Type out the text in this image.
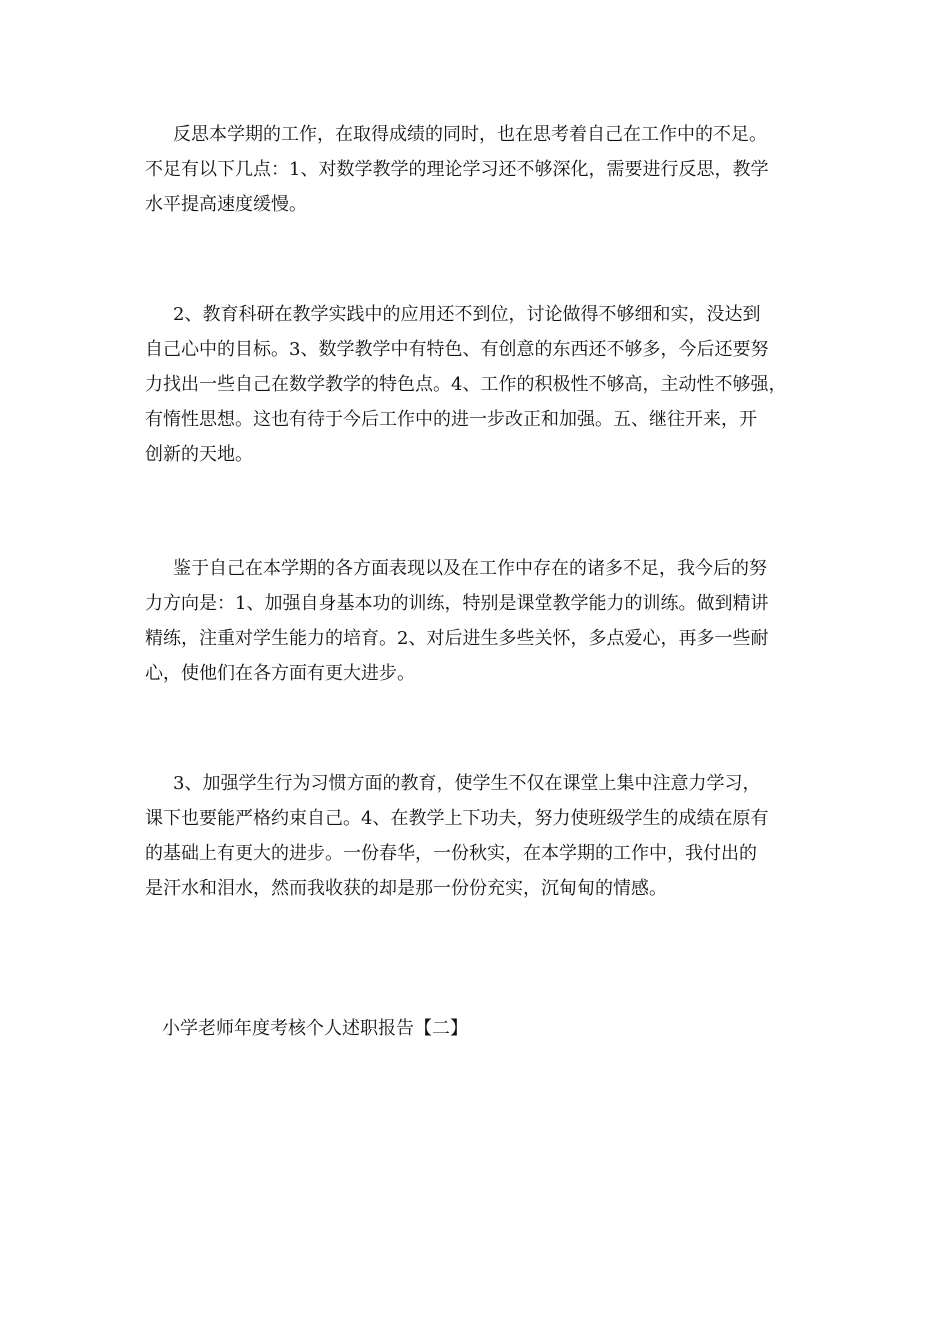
反思本学期的工作，在取得成绩的同时，也在思考着自己在工作中的不足。
不足有以下几点：1、对数学教学的理论学习还不够深化，需要进行反思，教学
水平提高速度缓慢。
2、教育科研在教学实践中的应用还不到位，讨论做得不够细和实，没达到
自己心中的目标。3、数学教学中有特色、有创意的东西还不够多，今后还要努
力找出一些自己在数学教学的特色点。4、工作的积极性不够高，主动性不够强，
有惰性思想。这也有待于今后工作中的进一步改正和加强。五、继往开来，开
创新的天地。
鉴于自己在本学期的各方面表现以及在工作中存在的诸多不足，我今后的努
力方向是：1、加强自身基本功的训练，特别是课堂教学能力的训练。做到精讲
精练，注重对学生能力的培育。2、对后进生多些关怀，多点爱心，再多一些耐
心，使他们在各方面有更大进步。
3、加强学生行为习惯方面的教育，使学生不仅在课堂上集中注意力学习，
课下也要能严格约束自己。4、在教学上下功夫，努力使班级学生的成绩在原有
的基础上有更大的进步。一份春华，一份秋实，在本学期的工作中，我付出的
是汗水和泪水，然而我收获的却是那一份份充实，沉甸甸的情感。
小学老师年度考核个人述职报告【二】
